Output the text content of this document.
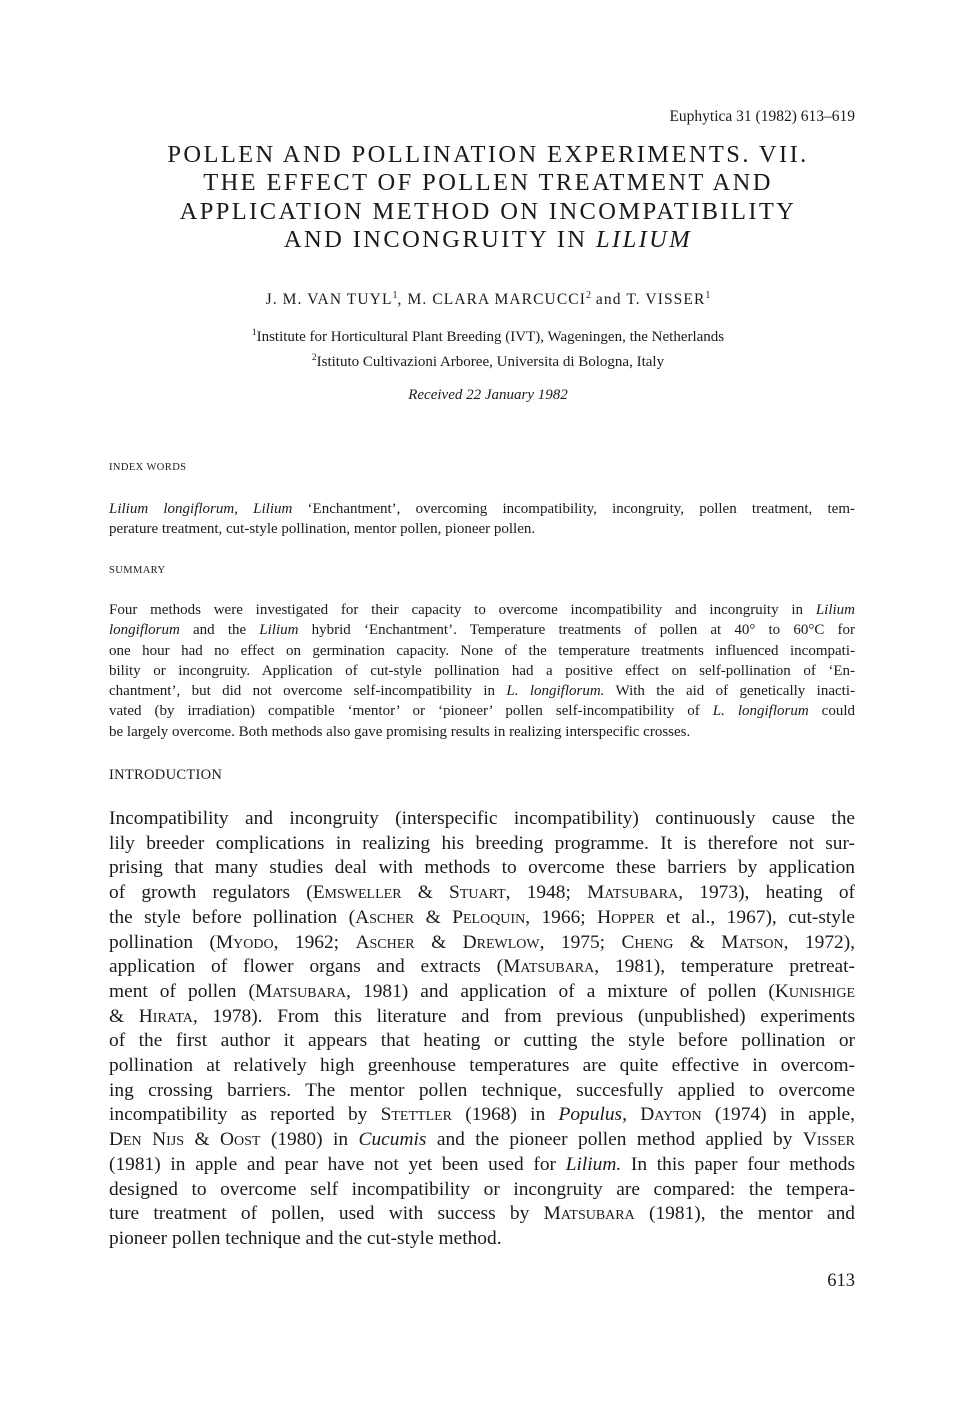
Euphytica 31 (1982) 613–619
POLLEN AND POLLINATION EXPERIMENTS. VII.
THE EFFECT OF POLLEN TREATMENT AND
APPLICATION METHOD ON INCOMPATIBILITY
AND INCONGRUITY IN LILIUM
J. M. VAN TUYL$^1$, M. CLARA MARCUCCI$^2$ and T. VISSER$^1$
$^1$Institute for Horticultural Plant Breeding (IVT), Wageningen, the Netherlands
$^2$Istituto Cultivazioni Arboree, Universita di Bologna, Italy
Received 22 January 1982
INDEX WORDS

Lilium longiflorum, Lilium ‘Enchantment’, overcoming incompatibility, incongruity, pollen treatment, tem-
perature treatment, cut-style pollination, mentor pollen, pioneer pollen.

SUMMARY

Four methods were investigated for their capacity to overcome incompatibility and incongruity in Lilium
longiflorum and the Lilium hybrid ‘Enchantment’. Temperature treatments of pollen at 40° to 60°C for
one hour had no effect on germination capacity. None of the temperature treatments influenced incompati-
bility or incongruity. Application of cut-style pollination had a positive effect on self-pollination of ‘En-
chantment’, but did not overcome self-incompatibility in L. longiflorum. With the aid of genetically inacti-
vated (by irradiation) compatible ‘mentor’ or ‘pioneer’ pollen self-incompatibility of L. longiflorum could
be largely overcome. Both methods also gave promising results in realizing interspecific crosses.

INTRODUCTION

Incompatibility and incongruity (interspecific incompatibility) continuously cause the
lily breeder complications in realizing his breeding programme. It is therefore not sur-
prising that many studies deal with methods to overcome these barriers by application
of growth regulators (Emsweller & Stuart, 1948; Matsubara, 1973), heating of
the style before pollination (Ascher & Peloquin, 1966; Hopper et al., 1967), cut-style
pollination (Myodo, 1962; Ascher & Drewlow, 1975; Cheng & Matson, 1972),
application of flower organs and extracts (Matsubara, 1981), temperature pretreat-
ment of pollen (Matsubara, 1981) and application of a mixture of pollen (Kunishige
& Hirata, 1978). From this literature and from previous (unpublished) experiments
of the first author it appears that heating or cutting the style before pollination or
pollination at relatively high greenhouse temperatures are quite effective in overcom-
ing crossing barriers. The mentor pollen technique, succesfully applied to overcome
incompatibility as reported by Stettler (1968) in Populus, Dayton (1974) in apple,
Den Nijs & Oost (1980) in Cucumis and the pioneer pollen method applied by Visser
(1981) in apple and pear have not yet been used for Lilium. In this paper four methods
designed to overcome self incompatibility or incongruity are compared: the tempera-
ture treatment of pollen, used with success by Matsubara (1981), the mentor and
pioneer pollen technique and the cut-style method.

613
